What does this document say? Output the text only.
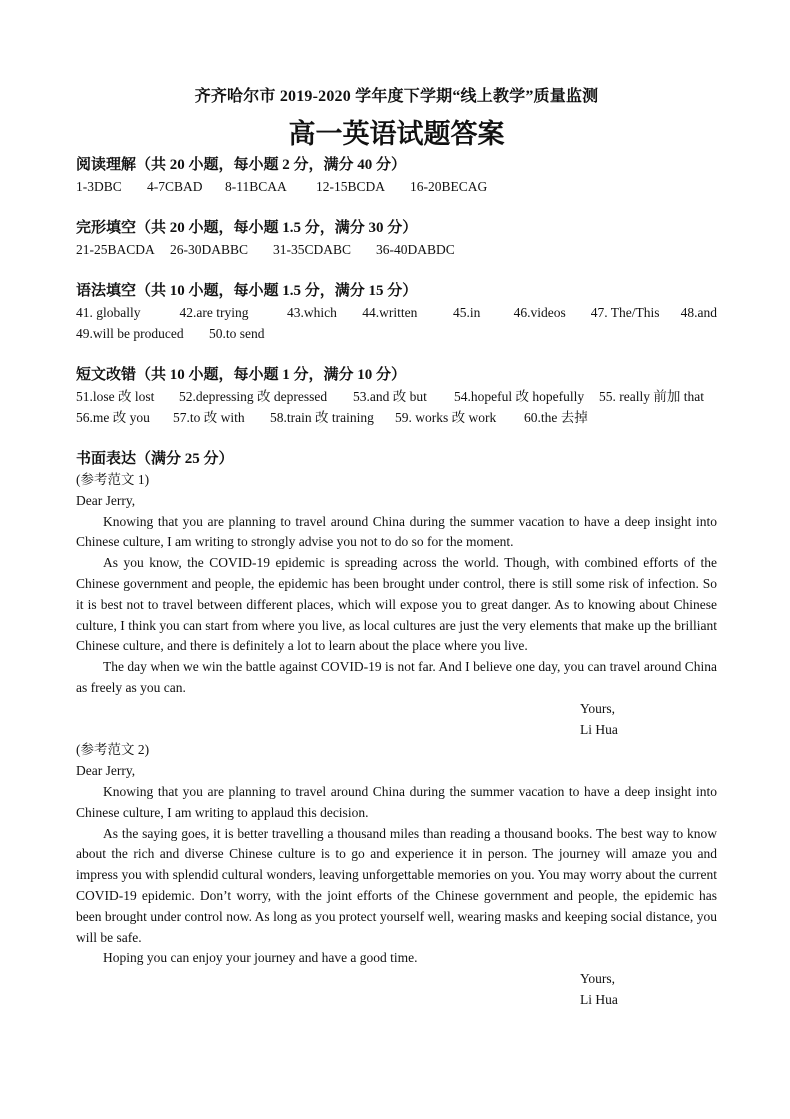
齐齐哈尔市 2019-2020 学年度下学期“线上教学”质量监测
高一英语试题答案
阅读理解（共 20 小题，每小题 2 分，满分 40 分）
1-3DBC	4-7CBAD	8-11BCAA	12-15BCDA	16-20BECAG
完形填空（共 20 小题，每小题 1.5 分，满分 30 分）
21-25BACDA	26-30DABBC	31-35CDABC	36-40DABDC
语法填空（共 10 小题，每小题 1.5 分，满分 15 分）
41. globally	42.are trying	43.which	44.written	45.in	46.videos	47. The/This	48.and
49.will be produced	50.to send
短文改错（共 10 小题，每小题 1 分，满分 10 分）
51.lose 改 lost	52.depressing 改 depressed	53.and 改 but	54.hopeful 改 hopefully	55. really 前加 that
56.me 改 you	57.to 改 with	58.train 改 training	59. works 改 work	60.the 去掉
书面表达（满分 25 分）
(参考范文 1)
Dear Jerry,
Knowing that you are planning to travel around China during the summer vacation to have a deep insight into Chinese culture, I am writing to strongly advise you not to do so for the moment.
As you know, the COVID-19 epidemic is spreading across the world. Though, with combined efforts of the Chinese government and people, the epidemic has been brought under control, there is still some risk of infection. So it is best not to travel between different places, which will expose you to great danger. As to knowing about Chinese culture, I think you can start from where you live, as local cultures are just the very elements that make up the brilliant Chinese culture, and there is definitely a lot to learn about the place where you live.
The day when we win the battle against COVID-19 is not far. And I believe one day, you can travel around China as freely as you can.
Yours,
Li Hua
(参考范文 2)
Dear Jerry,
Knowing that you are planning to travel around China during the summer vacation to have a deep insight into Chinese culture, I am writing to applaud this decision.
As the saying goes, it is better travelling a thousand miles than reading a thousand books. The best way to know about the rich and diverse Chinese culture is to go and experience it in person. The journey will amaze you and impress you with splendid cultural wonders, leaving unforgettable memories on you. You may worry about the current COVID-19 epidemic. Don’t worry, with the joint efforts of the Chinese government and people, the epidemic has been brought under control now. As long as you protect yourself well, wearing masks and keeping social distance, you will be safe.
Hoping you can enjoy your journey and have a good time.
Yours,
Li Hua
